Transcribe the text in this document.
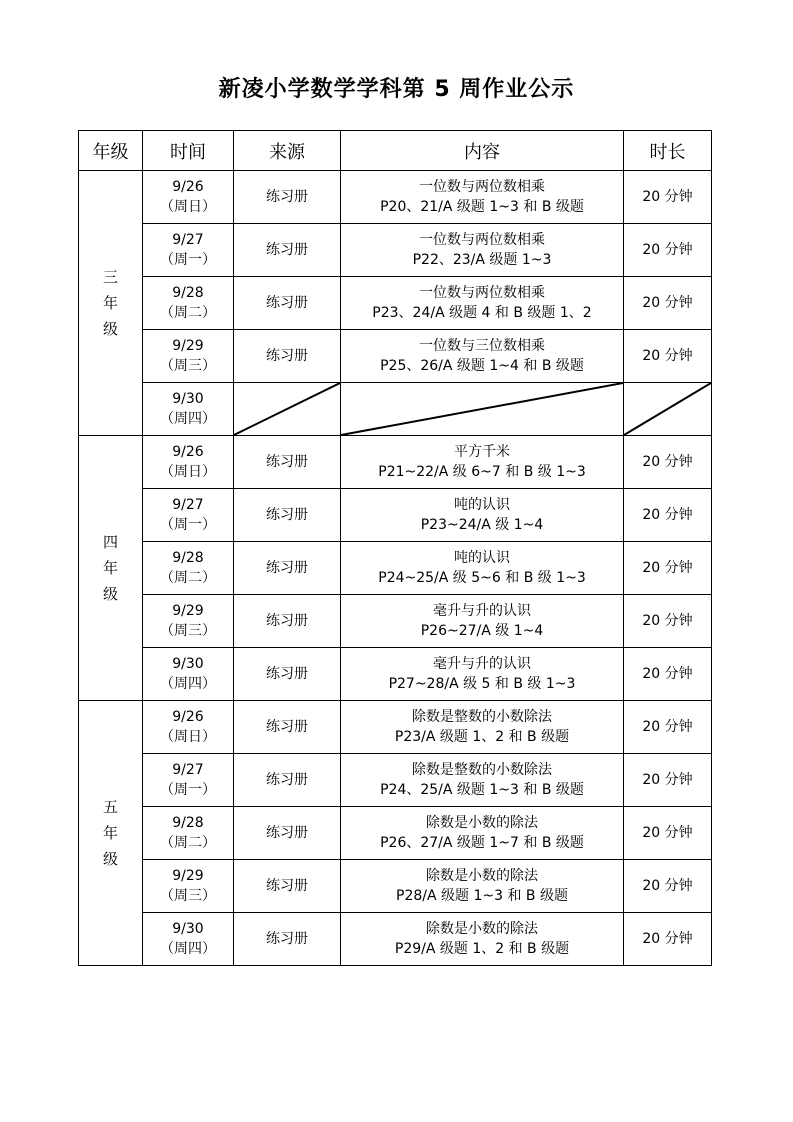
新凌小学数学学科第 5 周作业公示
年级	时间	来源	内容	时长

三
年
级	9/26
（周日）	练习册	一位数与两位数相乘
P20、21/A 级题 1~3 和 B 级题	20 分钟

	9/27
（周一）	练习册	一位数与两位数相乘
P22、23/A 级题 1~3	20 分钟

	9/28
（周二）	练习册	一位数与两位数相乘
P23、24/A 级题 4 和 B 级题 1、2	20 分钟

	9/29
（周三）	练习册	一位数与三位数相乘
P25、26/A 级题 1~4 和 B 级题	20 分钟

	9/30
（周四）

四
年
级	9/26
（周日）	练习册	平方千米
P21~22/A 级 6~7 和 B 级 1~3	20 分钟

	9/27
（周一）	练习册	吨的认识
P23~24/A 级 1~4	20 分钟

	9/28
（周二）	练习册	吨的认识
P24~25/A 级 5~6 和 B 级 1~3	20 分钟

	9/29
（周三）	练习册	毫升与升的认识
P26~27/A 级 1~4	20 分钟

	9/30
（周四）	练习册	毫升与升的认识
P27~28/A 级 5 和 B 级 1~3	20 分钟

五
年
级	9/26
（周日）	练习册	除数是整数的小数除法
P23/A 级题 1、2 和 B 级题	20 分钟

	9/27
（周一）	练习册	除数是整数的小数除法
P24、25/A 级题 1~3 和 B 级题	20 分钟

	9/28
（周二）	练习册	除数是小数的除法
P26、27/A 级题 1~7 和 B 级题	20 分钟

	9/29
（周三）	练习册	除数是小数的除法
P28/A 级题 1~3 和 B 级题	20 分钟

	9/30
（周四）	练习册	除数是小数的除法
P29/A 级题 1、2 和 B 级题	20 分钟
